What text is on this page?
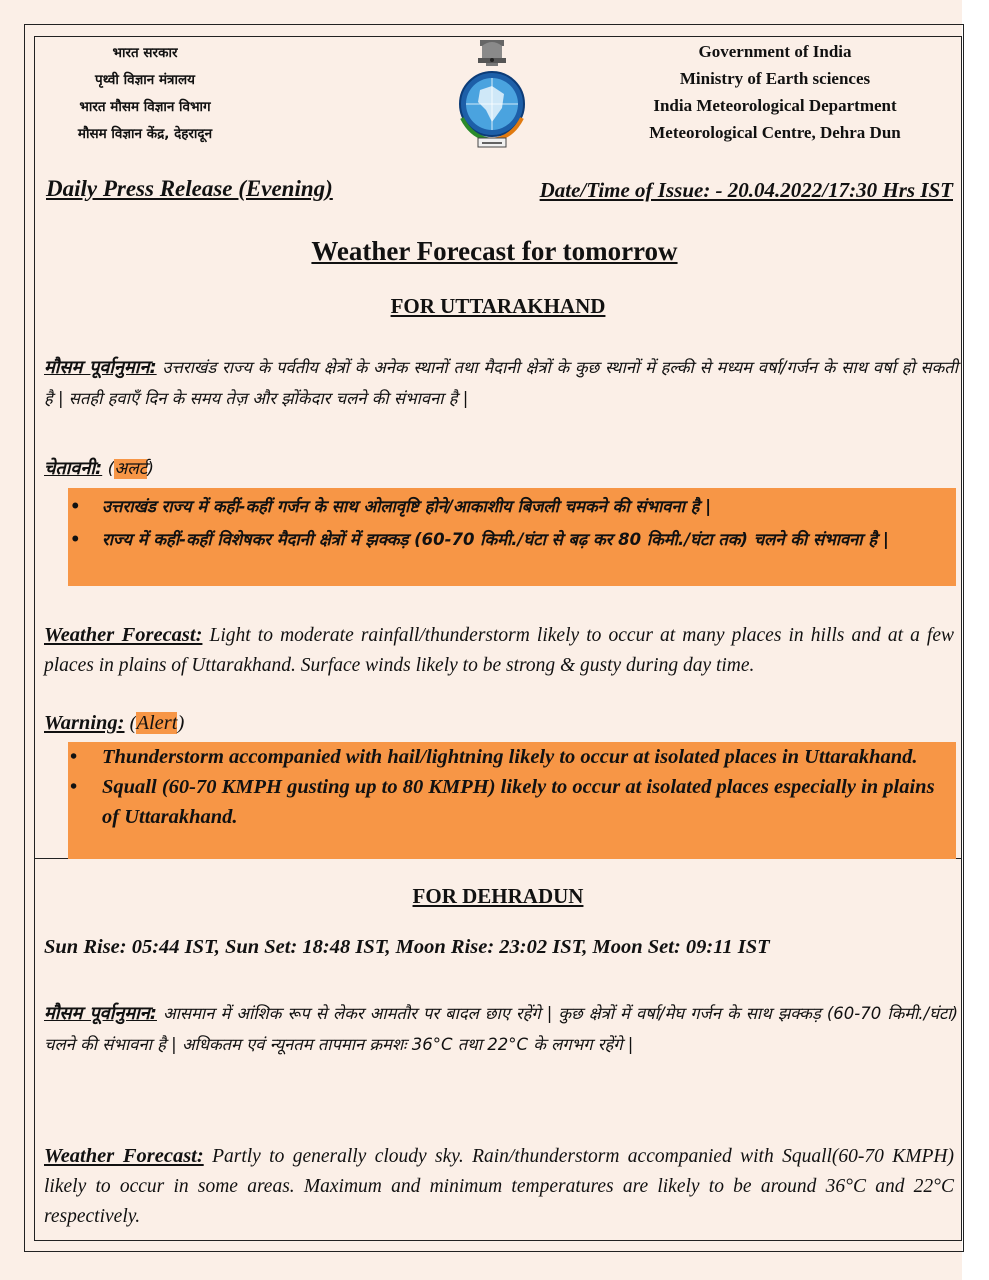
भारत सरकार
पृथ्वी विज्ञान मंत्रालय
भारत मौसम विज्ञान विभाग
मौसम विज्ञान केंद्र, देहरादून
Government of India
Ministry of Earth sciences
India Meteorological Department
Meteorological Centre, Dehra Dun
Daily Press Release (Evening)	Date/Time of Issue: - 20.04.2022/17:30 Hrs IST
Weather Forecast for tomorrow
FOR UTTARAKHAND
मौसम पूर्वानुमान: उत्तराखंड राज्य के पर्वतीय क्षेत्रों के अनेक स्थानों तथा मैदानी क्षेत्रों के कुछ स्थानों में हल्की से मध्यम वर्षा/गर्जन के साथ वर्षा हो सकती है | सतही हवाएँ दिन के समय तेज़ और झोंकेदार चलने की संभावना है |
चेतावनी: (अलर्ट)
• उत्तराखंड राज्य में कहीं-कहीं गर्जन के साथ ओलावृष्टि होने/आकाशीय बिजली चमकने की संभावना है |
• राज्य में कहीं-कहीं विशेषकर मैदानी क्षेत्रों में झक्कड़ (60-70 किमी./घंटा से बढ़ कर 80 किमी./घंटा तक) चलने की संभावना है |
Weather Forecast: Light to moderate rainfall/thunderstorm likely to occur at many places in hills and at a few places in plains of Uttarakhand. Surface winds likely to be strong & gusty during day time.
Warning: (Alert)
• Thunderstorm accompanied with hail/lightning likely to occur at isolated places in Uttarakhand.
• Squall (60-70 KMPH gusting up to 80 KMPH) likely to occur at isolated places especially in plains of Uttarakhand.
FOR DEHRADUN
Sun Rise: 05:44 IST, Sun Set: 18:48 IST, Moon Rise: 23:02 IST, Moon Set: 09:11 IST
मौसम पूर्वानुमान: आसमान में आंशिक रूप से लेकर आमतौर पर बादल छाए रहेंगे | कुछ क्षेत्रों में वर्षा/मेघ गर्जन के साथ झक्कड़ (60-70 किमी./घंटा) चलने की संभावना है | अधिकतम एवं न्यूनतम तापमान क्रमशः 36°C तथा 22°C के लगभग रहेंगे |
Weather Forecast: Partly to generally cloudy sky. Rain/thunderstorm accompanied with Squall(60-70 KMPH) likely to occur in some areas. Maximum and minimum temperatures are likely to be around 36°C and 22°C respectively.
